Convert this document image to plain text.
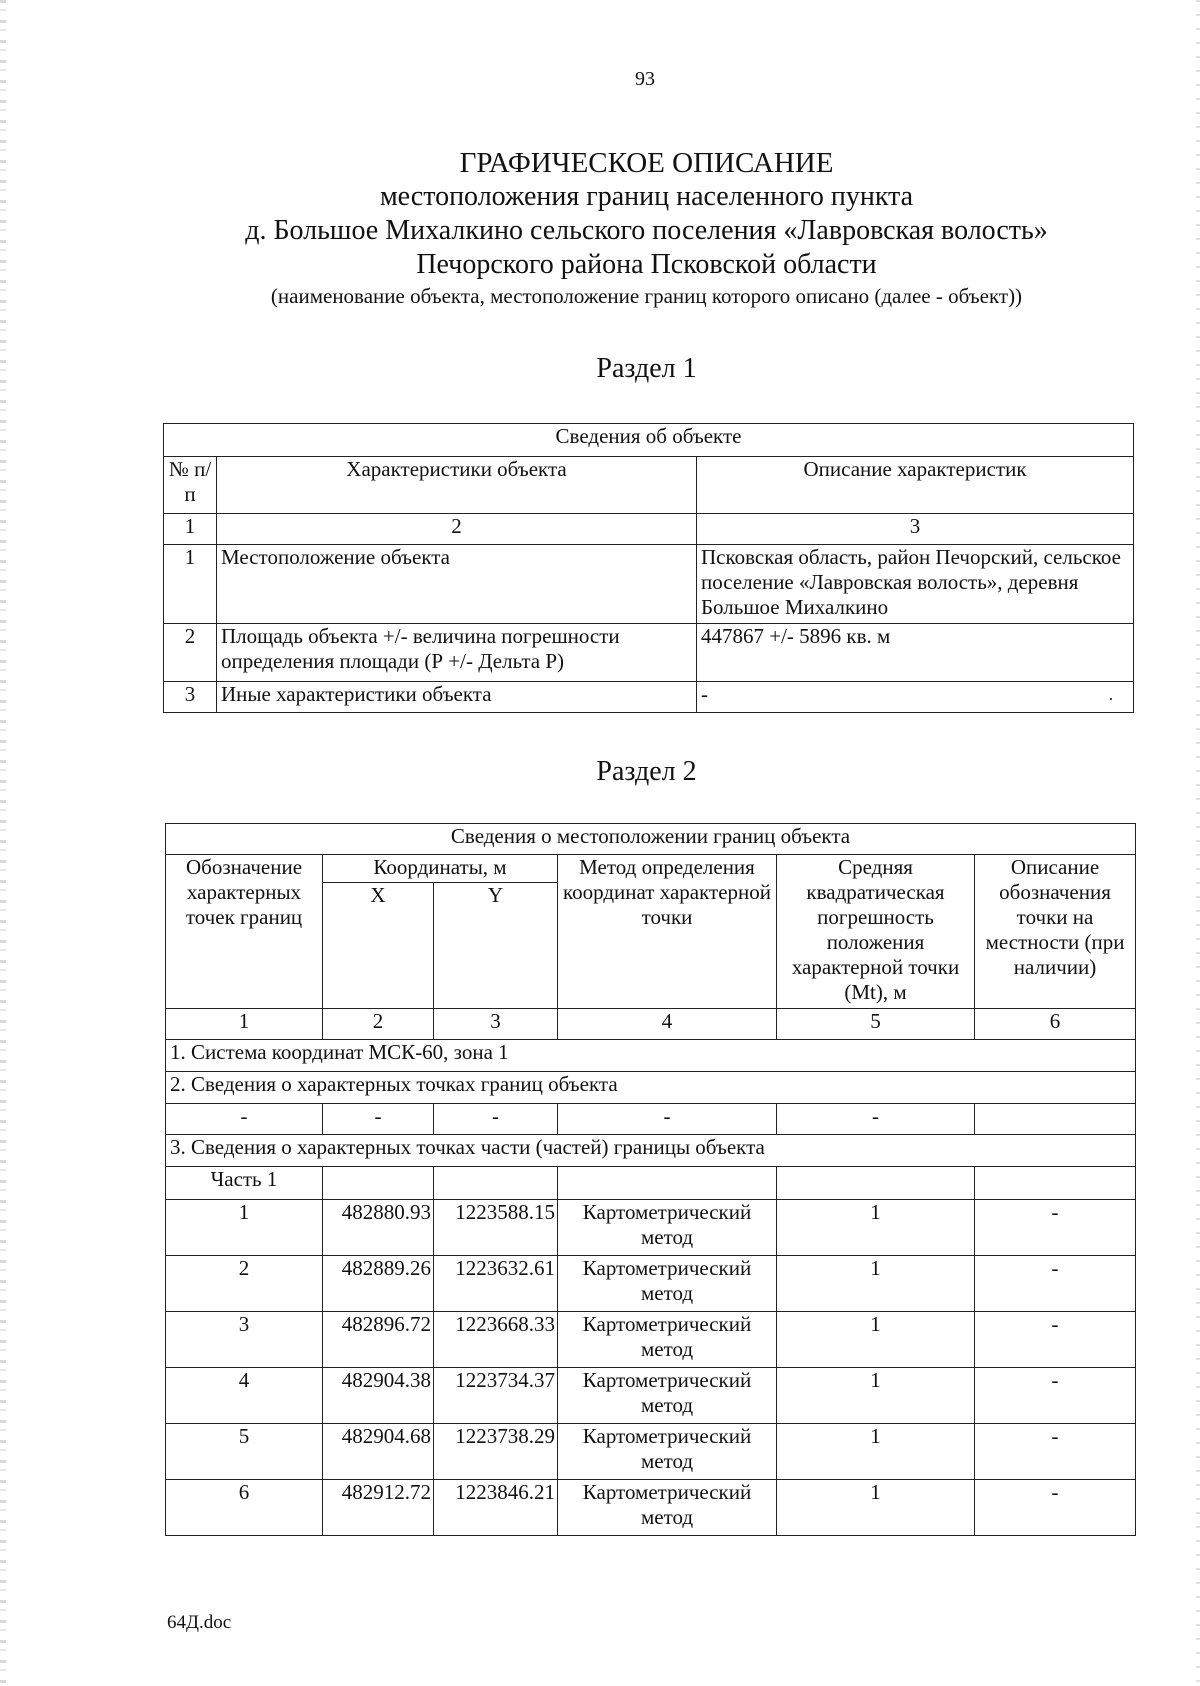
93
ГРАФИЧЕСКОЕ ОПИСАНИЕ
местоположения границ населенного пункта
д. Большое Михалкино сельского поселения «Лавровская волость»
Печорского района Псковской области
(наименование объекта, местоположение границ которого описано (далее - объект))
Раздел 1
Сведения об объекте		
№ п/п	Характеристики объекта	Описание характеристик
1	2	3
1	Местоположение объекта	Псковская область, район Печорский, сельское поселение «Лавровская волость», деревня Большое Михалкино
2	Площадь объекта +/- величина погрешности определения площади (Р +/- Дельта Р)	447867 +/- 5896 кв. м
3	Иные характеристики объекта	-
Раздел 2
Сведения о местоположении границ объекта					
Обозначение характерных точек границ	Координаты, м		Метод определения координат характерной точки	Средняя квадратическая погрешность положения характерной точки (Mt), м	Описание обозначения точки на местности (при наличии)
	X	Y			
1	2	3	4	5	6
1. Система координат МСК-60, зона 1					
2. Сведения о характерных точках границ объекта					
-	-	-	-	-	
3. Сведения о характерных точках части (частей) границы объекта					
Часть 1					
1	482880.93	1223588.15	Картометрический метод	1	-
2	482889.26	1223632.61	Картометрический метод	1	-
3	482896.72	1223668.33	Картометрический метод	1	-
4	482904.38	1223734.37	Картометрический метод	1	-
5	482904.68	1223738.29	Картометрический метод	1	-
6	482912.72	1223846.21	Картометрический метод	1	-
64Д.doc
